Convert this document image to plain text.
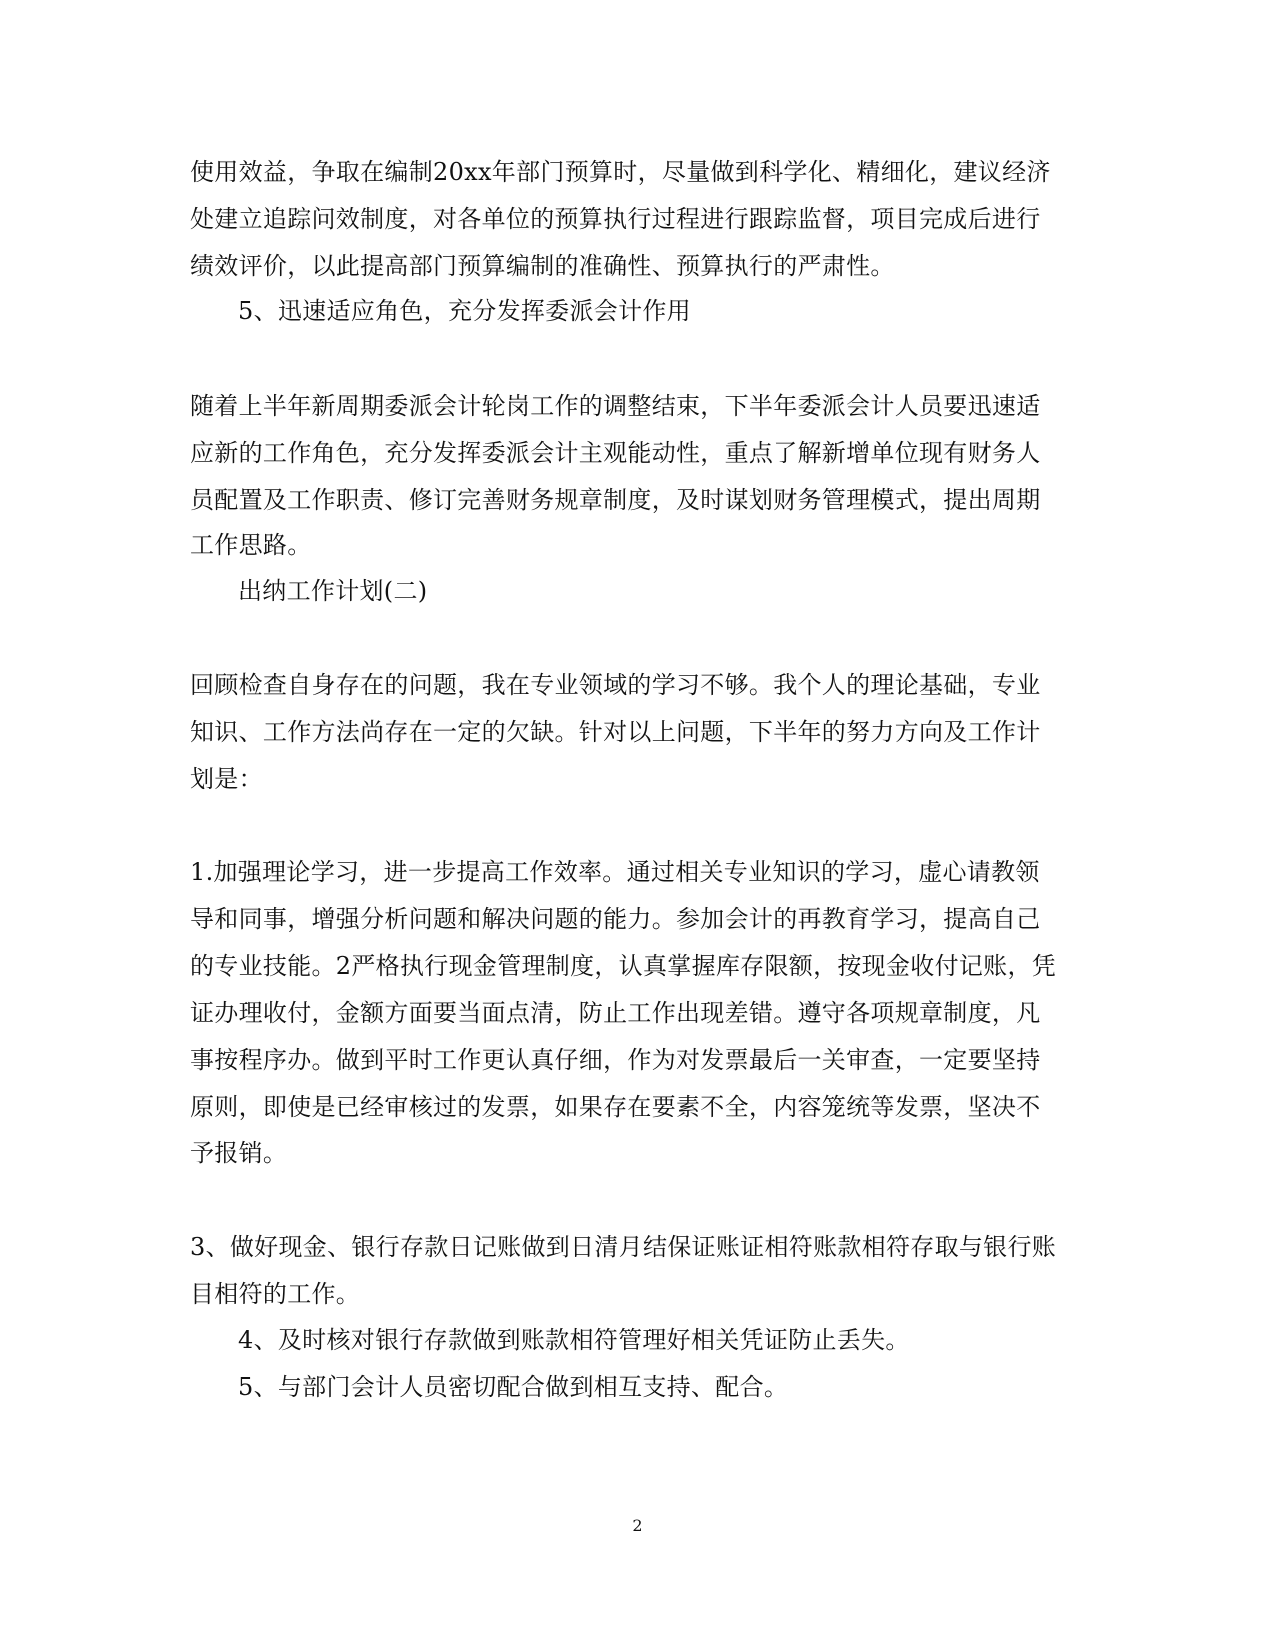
使用效益，争取在编制20xx年部门预算时，尽量做到科学化、精细化，建议经济
处建立追踪问效制度，对各单位的预算执行过程进行跟踪监督，项目完成后进行
绩效评价，以此提高部门预算编制的准确性、预算执行的严肃性。
5、迅速适应角色，充分发挥委派会计作用
随着上半年新周期委派会计轮岗工作的调整结束，下半年委派会计人员要迅速适
应新的工作角色，充分发挥委派会计主观能动性，重点了解新增单位现有财务人
员配置及工作职责、修订完善财务规章制度，及时谋划财务管理模式，提出周期
工作思路。
出纳工作计划(二)
回顾检查自身存在的问题，我在专业领域的学习不够。我个人的理论基础，专业
知识、工作方法尚存在一定的欠缺。针对以上问题，下半年的努力方向及工作计
划是：
1.加强理论学习，进一步提高工作效率。通过相关专业知识的学习，虚心请教领
导和同事，增强分析问题和解决问题的能力。参加会计的再教育学习，提高自己
的专业技能。2严格执行现金管理制度，认真掌握库存限额，按现金收付记账，凭
证办理收付，金额方面要当面点清，防止工作出现差错。遵守各项规章制度，凡
事按程序办。做到平时工作更认真仔细，作为对发票最后一关审查，一定要坚持
原则，即使是已经审核过的发票，如果存在要素不全，内容笼统等发票，坚决不
予报销。
3、做好现金、银行存款日记账做到日清月结保证账证相符账款相符存取与银行账
目相符的工作。
4、及时核对银行存款做到账款相符管理好相关凭证防止丢失。
5、与部门会计人员密切配合做到相互支持、配合。
2
